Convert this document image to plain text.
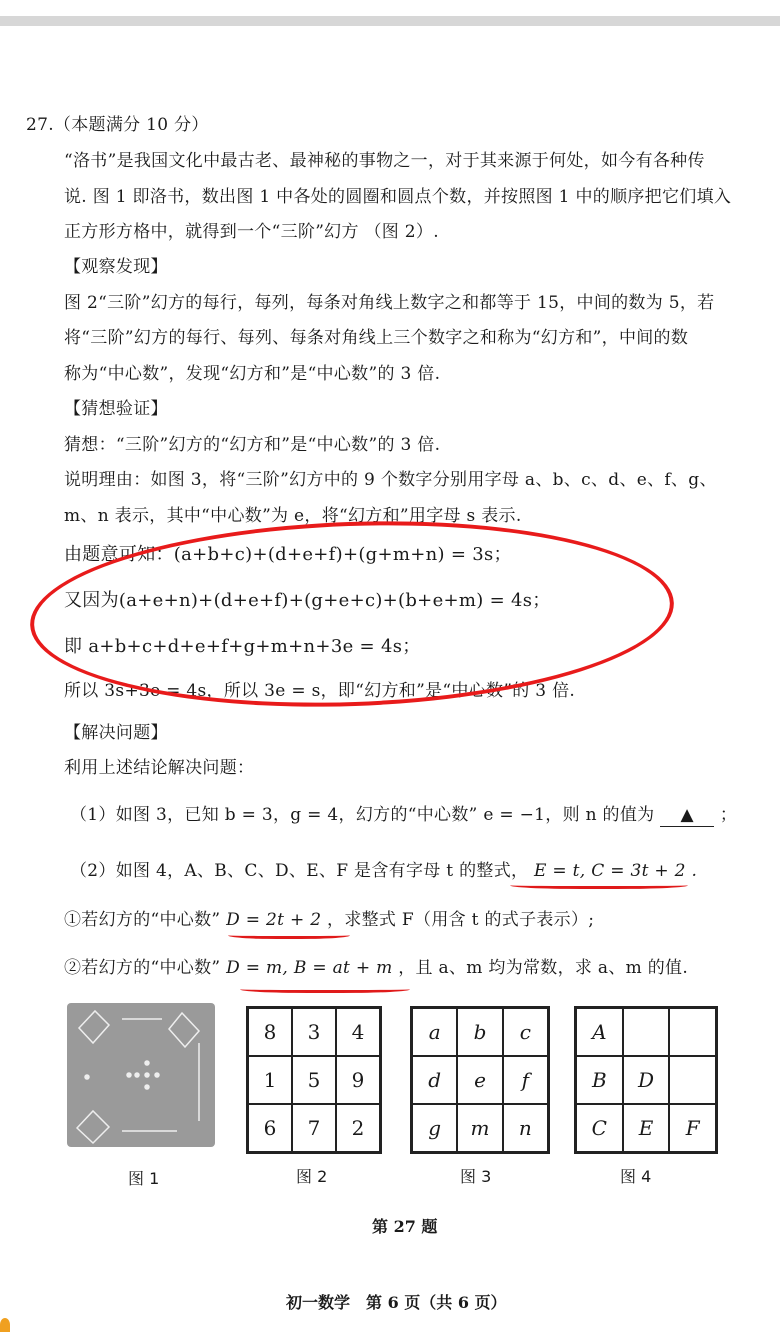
27.（本题满分 10 分）
“洛书”是我国文化中最古老、最神秘的事物之一，对于其来源于何处，如今有各种传
说. 图 1 即洛书，数出图 1 中各处的圆圈和圆点个数，并按照图 1 中的顺序把它们填入
正方形方格中，就得到一个“三阶”幻方 （图 2）.
【观察发现】
图 2“三阶”幻方的每行，每列，每条对角线上数字之和都等于 15，中间的数为 5，若
将“三阶”幻方的每行、每列、每条对角线上三个数字之和称为“幻方和”，中间的数
称为“中心数”，发现“幻方和”是“中心数”的 3 倍.
【猜想验证】
猜想：“三阶”幻方的“幻方和”是“中心数”的 3 倍.
说明理由：如图 3，将“三阶”幻方中的 9 个数字分别用字母 a、b、c、d、e、f、g、
m、n 表示，其中“中心数”为 e，将“幻方和”用字母 s 表示.
由题意可知：(a+b+c)+(d+e+f)+(g+m+n) = 3s；
又因为(a+e+n)+(d+e+f)+(g+e+c)+(b+e+m) = 4s；
即 a+b+c+d+e+f+g+m+n+3e = 4s；
所以 3s+3e = 4s，所以 3e = s，即“幻方和”是“中心数”的 3 倍.
【解决问题】
利用上述结论解决问题：
（1）如图 3，已知 b = 3，g = 4，幻方的“中心数” e = −1，则 n 的值为 ▲ ；
（2）如图 4，A、B、C、D、E、F 是含有字母 t 的整式， E = t, C = 3t + 2 .
①若幻方的“中心数” D = 2t + 2 ，求整式 F（用含 t 的式子表示）;
②若幻方的“中心数” D = m, B = at + m ，且 a、m 均为常数，求 a、m 的值.
8	3	4
1	5	9
6	7	2
a	b	c
d	e	f
g	m	n
A
B	D
C	E	F
图 1	图 2	图 3	图 4
第 27 题
初一数学　第 6 页（共 6 页）
